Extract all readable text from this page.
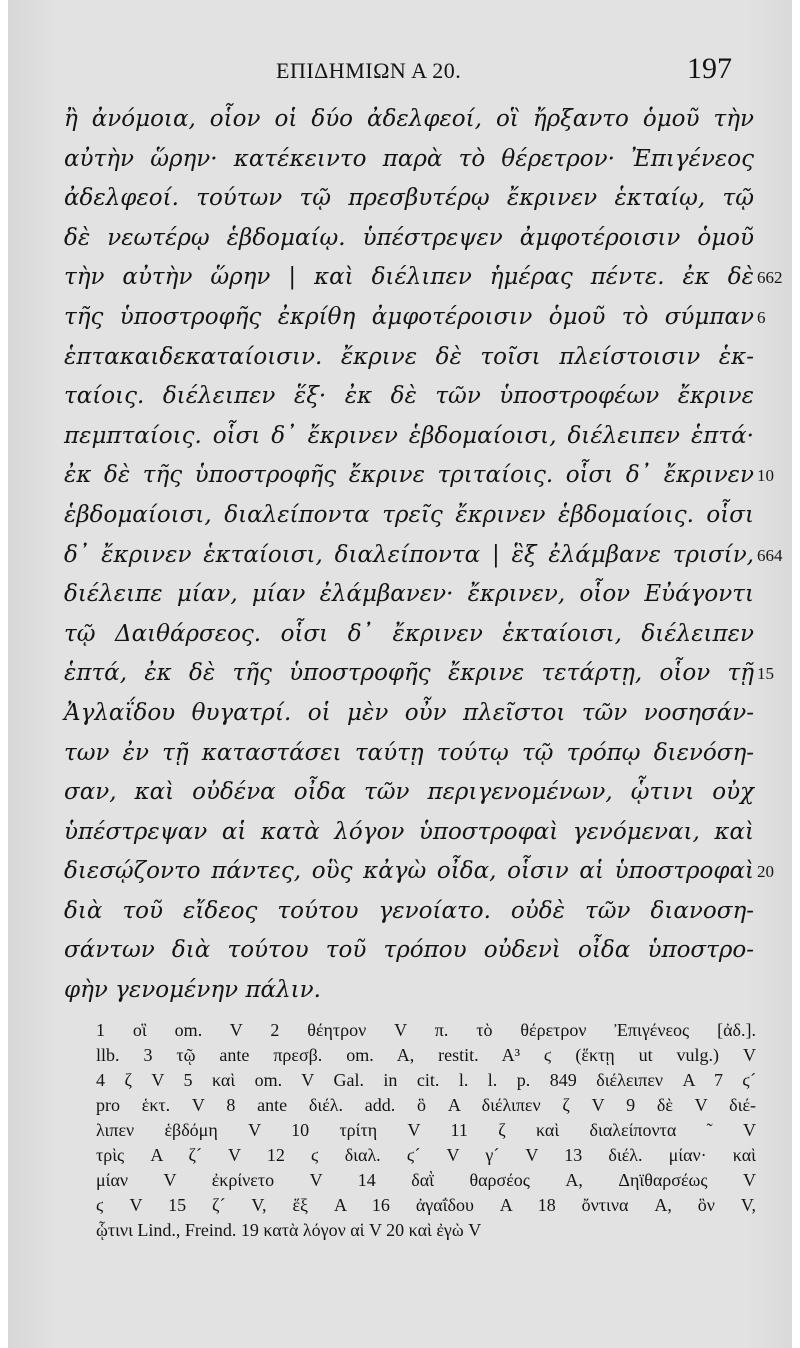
ΕΠΙΔΗΜΙΩΝ Α 20.	197
ἢ ἀνόμοια, οἷον οἱ δύο ἀδελφεοί, οἳ ἤρξαντο ὁμοῦ τὴν
αὐτὴν ὥρην· κατέκειντο παρὰ τὸ θέρετρον· Ἐπιγένεος
ἀδελφεοί. τούτων τῷ πρεσβυτέρῳ ἔκρινεν ἑκταίῳ, τῷ
δὲ νεωτέρῳ ἑβδομαίῳ. ὑπέστρεψεν ἀμφοτέροισιν ὁμοῦ
τὴν αὐτὴν ὥρην | καὶ διέλιπεν ἡμέρας πέντε. ἐκ δὲ 662
τῆς ὑποστροφῆς ἐκρίθη ἀμφοτέροισιν ὁμοῦ τὸ σύμπαν 6
ἑπτακαιδεκαταίοισιν. ἔκρινε δὲ τοῖσι πλείστοισιν ἑκ-
ταίοις. διέλειπεν ἕξ· ἐκ δὲ τῶν ὑποστροφέων ἔκρινε
πεμπταίοις. οἷσι δ᾽ ἔκρινεν ἑβδομαίοισι, διέλειπεν ἑπτά·
ἐκ δὲ τῆς ὑποστροφῆς ἔκρινε τριταίοις. οἷσι δ᾽ ἔκρινεν 10
ἑβδομαίοισι, διαλείποντα τρεῖς ἔκρινεν ἑβδομαίοις. οἷσι
δ᾽ ἔκρινεν ἑκταίοισι, διαλείποντα | ἓξ ἐλάμβανε τρισίν, 664
διέλειπε μίαν, μίαν ἐλάμβανεν· ἔκρινεν, οἷον Εὐάγοντι
τῷ Δαιθάρσεος. οἷσι δ᾽ ἔκρινεν ἑκταίοισι, διέλειπεν
ἑπτά, ἐκ δὲ τῆς ὑποστροφῆς ἔκρινε τετάρτῃ, οἷον τῇ 15
Ἀγλαΐδου θυγατρί. οἱ μὲν οὖν πλεῖστοι τῶν νοσησάν-
των ἐν τῇ καταστάσει ταύτῃ τούτῳ τῷ τρόπῳ διενόση-
σαν, καὶ οὐδένα οἶδα τῶν περιγενομένων, ᾧτινι οὐχ
ὑπέστρεψαν αἱ κατὰ λόγον ὑποστροφαὶ γενόμεναι, καὶ
διεσῴζοντο πάντες, οὓς κἀγὼ οἶδα, οἷσιν αἱ ὑποστροφαὶ 20
διὰ τοῦ εἴδεος τούτου γενοίατο. οὐδὲ τῶν διανοση-
σάντων διὰ τούτου τοῦ τρόπου οὐδενὶ οἶδα ὑποστρο-
φὴν γενομένην πάλιν.
1 οἳ om. V 2 θέητρον V π. τὸ θέρετρον Ἐπιγένεος [ἀδ.].
llb. 3 τῷ ante πρεσβ. om. A, restit. A³ ϛ (ἕκτῃ ut vulg.) V
4 ζ V 5 καὶ om. V Gal. in cit. l. l. p. 849 διέλειπεν A 7 ϛ´
pro ἑκτ. V 8 ante διέλ. add. ὃ A διέλιπεν ζ V 9 δὲ V διέ-
λιπεν ἑβδόμη V 10 τρίτη V 11 ζ καὶ διαλείποντα ˜ V
τρὶς A ζ´ V 12 ϛ διαλ. ϛ´ V γ´ V 13 διέλ. μίαν· καὶ
μίαν V ἐκρίνετο V 14 δαῒ θαρσέος A, Δηϊθαρσέως V
ϛ V 15 ζ´ V, ἕξ A 16 ἀγαΐδου A 18 ὄντινα A, ὃν V,
ᾧτινι Lind., Freind. 19 κατὰ λόγον αἱ V 20 καὶ ἐγὼ V
